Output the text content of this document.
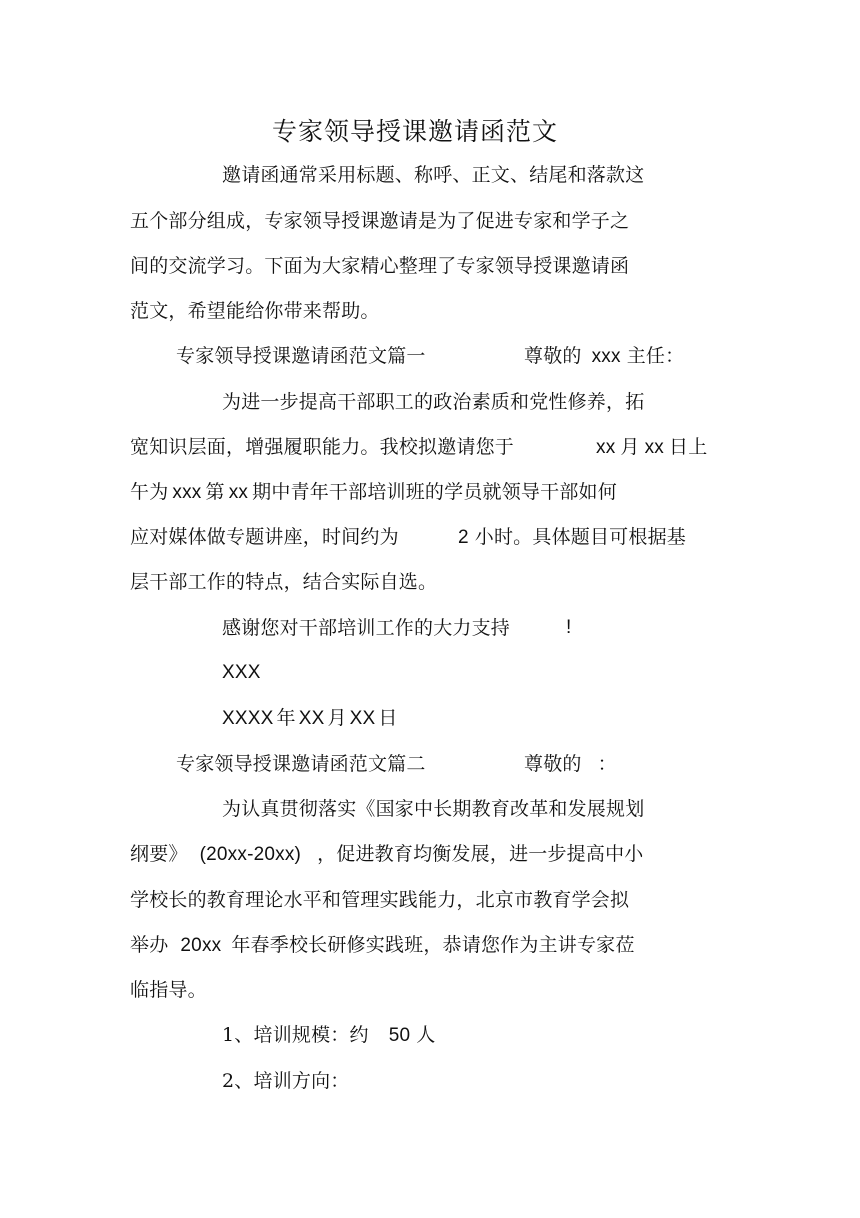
专家领导授课邀请函范文
邀请函通常采用标题、称呼、正文、结尾和落款这
五个部分组成，专家领导授课邀请是为了促进专家和学子之
间的交流学习。下面为大家精心整理了专家领导授课邀请函
范文，希望能给你带来帮助。
专家领导授课邀请函范文篇一	尊敬的 xxx 主任：
为进一步提高干部职工的政治素质和党性修养，拓
宽知识层面，增强履职能力。我校拟邀请您于	xx 月 xx 日上
午为 xxx 第 xx 期中青年干部培训班的学员就领导干部如何
应对媒体做专题讲座，时间约为	2 小时。具体题目可根据基
层干部工作的特点，结合实际自选。
感谢您对干部培训工作的大力支持	!
XXX
XXXX 年 XX 月 XX 日
专家领导授课邀请函范文篇二	尊敬的 ：
为认真贯彻落实《国家中长期教育改革和发展规划
纲要》 (20xx-20xx) ，促进教育均衡发展，进一步提高中小
学校长的教育理论水平和管理实践能力，北京市教育学会拟
举办 20xx 年春季校长研修实践班，恭请您作为主讲专家莅
临指导。
1、培训规模：约 50 人
2、培训方向：
